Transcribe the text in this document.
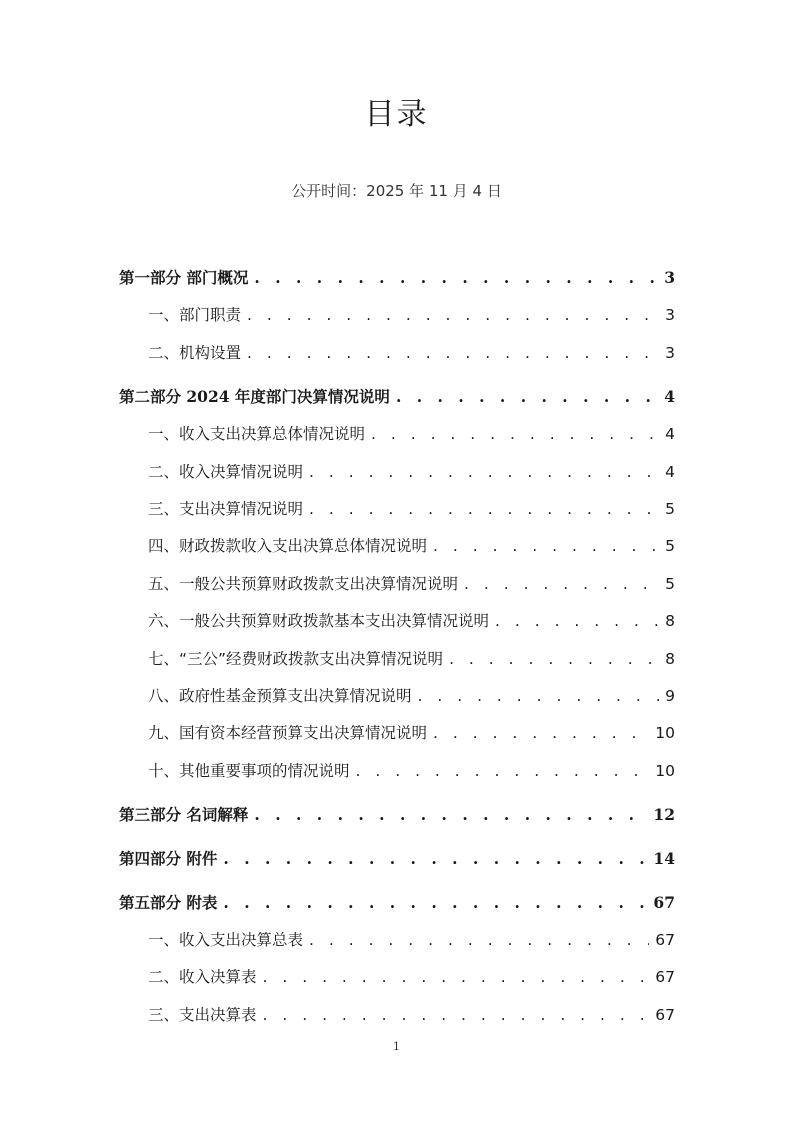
目录
公开时间：2025 年 11 月 4 日
第一部分 部门概况 . . .	3
一、部门职责 . . .	3
二、机构设置 . . .	3
第二部分 2024 年度部门决算情况说明 . . .	4
一、收入支出决算总体情况说明 . . .	4
二、收入决算情况说明 . . .	4
三、支出决算情况说明 . . .	5
四、财政拨款收入支出决算总体情况说明 . . .	5
五、一般公共预算财政拨款支出决算情况说明 . . .	5
六、一般公共预算财政拨款基本支出决算情况说明 . . .	8
七、“三公”经费财政拨款支出决算情况说明 . . .	8
八、政府性基金预算支出决算情况说明 . . .	9
九、国有资本经营预算支出决算情况说明 . . .	10
十、其他重要事项的情况说明 . . .	10
第三部分 名词解释 . . .	12
第四部分 附件 . . .	14
第五部分 附表 . . .	67
一、收入支出决算总表 . . .	67
二、收入决算表 . . .	67
三、支出决算表 . . .	67
1
